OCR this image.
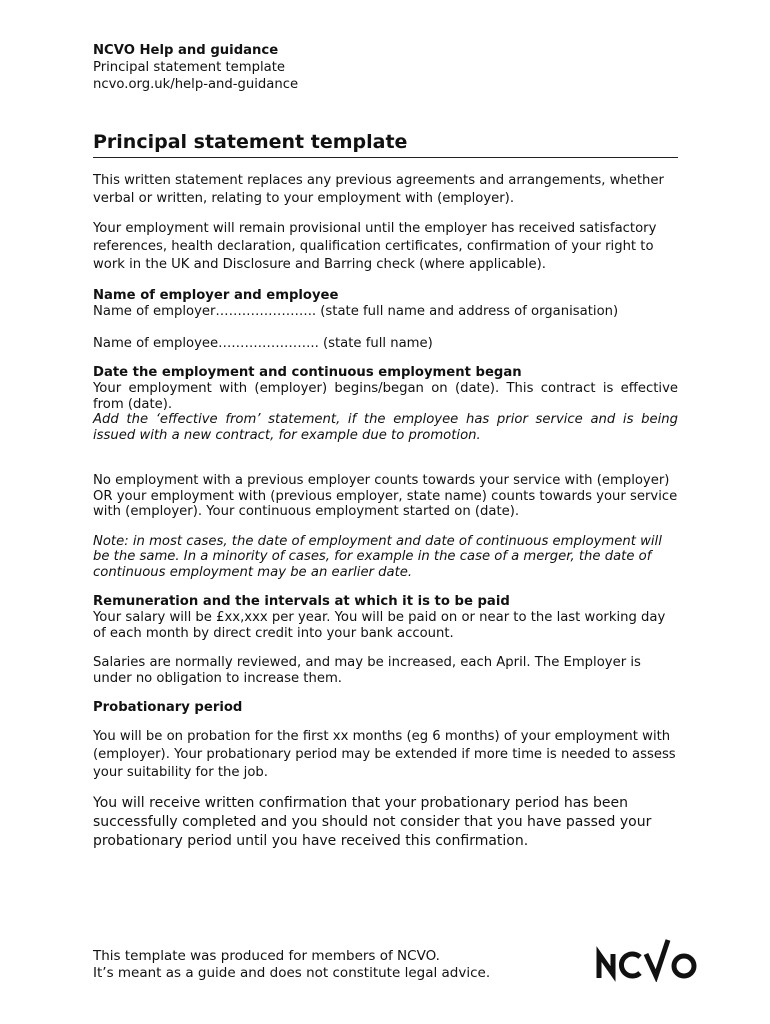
NCVO Help and guidance

Principal statement template

ncvo.org.uk/help-and-guidance

Principal statement template

This written statement replaces any previous agreements and arrangements, whether verbal or written, relating to your employment with (employer).

Your employment will remain provisional until the employer has received satisfactory references, health declaration, qualification certificates, confirmation of your right to work in the UK and Disclosure and Barring check (where applicable).

Name of employer and employee

Name of employer………………….. (state full name and address of organisation)

Name of employee………………….. (state full name)

Date the employment and continuous employment began

Your employment with (employer) begins/began on (date). This contract is effective from (date).

Add the ‘effective from’ statement, if the employee has prior service and is being issued with a new contract, for example due to promotion.

No employment with a previous employer counts towards your service with (employer)

OR your employment with (previous employer, state name) counts towards your service with (employer). Your continuous employment started on (date).

Note: in most cases, the date of employment and date of continuous employment will be the same. In a minority of cases, for example in the case of a merger, the date of continuous employment may be an earlier date.

Remuneration and the intervals at which it is to be paid

Your salary will be £xx,xxx per year. You will be paid on or near to the last working day of each month by direct credit into your bank account.

Salaries are normally reviewed, and may be increased, each April. The Employer is under no obligation to increase them.

Probationary period

You will be on probation for the first xx months (eg 6 months) of your employment with (employer). Your probationary period may be extended if more time is needed to assess your suitability for the job.

You will receive written confirmation that your probationary period has been successfully completed and you should not consider that you have passed your probationary period until you have received this confirmation.

This template was produced for members of NCVO.

It’s meant as a guide and does not constitute legal advice.
